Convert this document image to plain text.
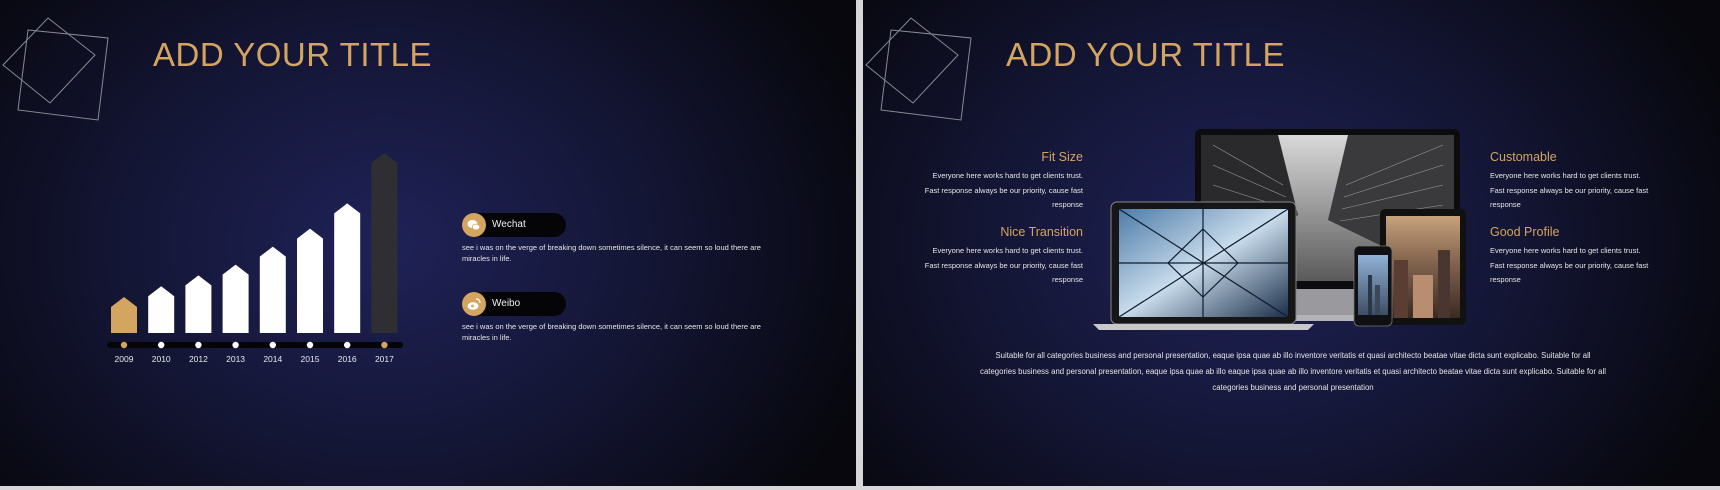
ADD YOUR TITLE
2009 2010 2012 2013 2014 2015 2016 2017
Wechat
see i was on the verge of breaking down sometimes silence, it can seem so loud there are miracles in life.
Weibo
see i was on the verge of breaking down sometimes silence, it can seem so loud there are miracles in life.
ADD YOUR TITLE
Fit Size
Everyone here works hard to get clients trust. Fast response always be our priority, cause fast response
Nice Transition
Everyone here works hard to get clients trust. Fast response always be our priority, cause fast response
Customable
Everyone here works hard to get clients trust. Fast response always be our priority, cause fast response
Good Profile
Everyone here works hard to get clients trust. Fast response always be our priority, cause fast response
Suitable for all categories business and personal presentation, eaque ipsa quae ab illo inventore veritatis et quasi architecto beatae vitae dicta sunt explicabo. Suitable for all categories business and personal presentation, eaque ipsa quae ab illo eaque ipsa quae ab illo inventore veritatis et quasi architecto beatae vitae dicta sunt explicabo. Suitable for all categories business and personal presentation
